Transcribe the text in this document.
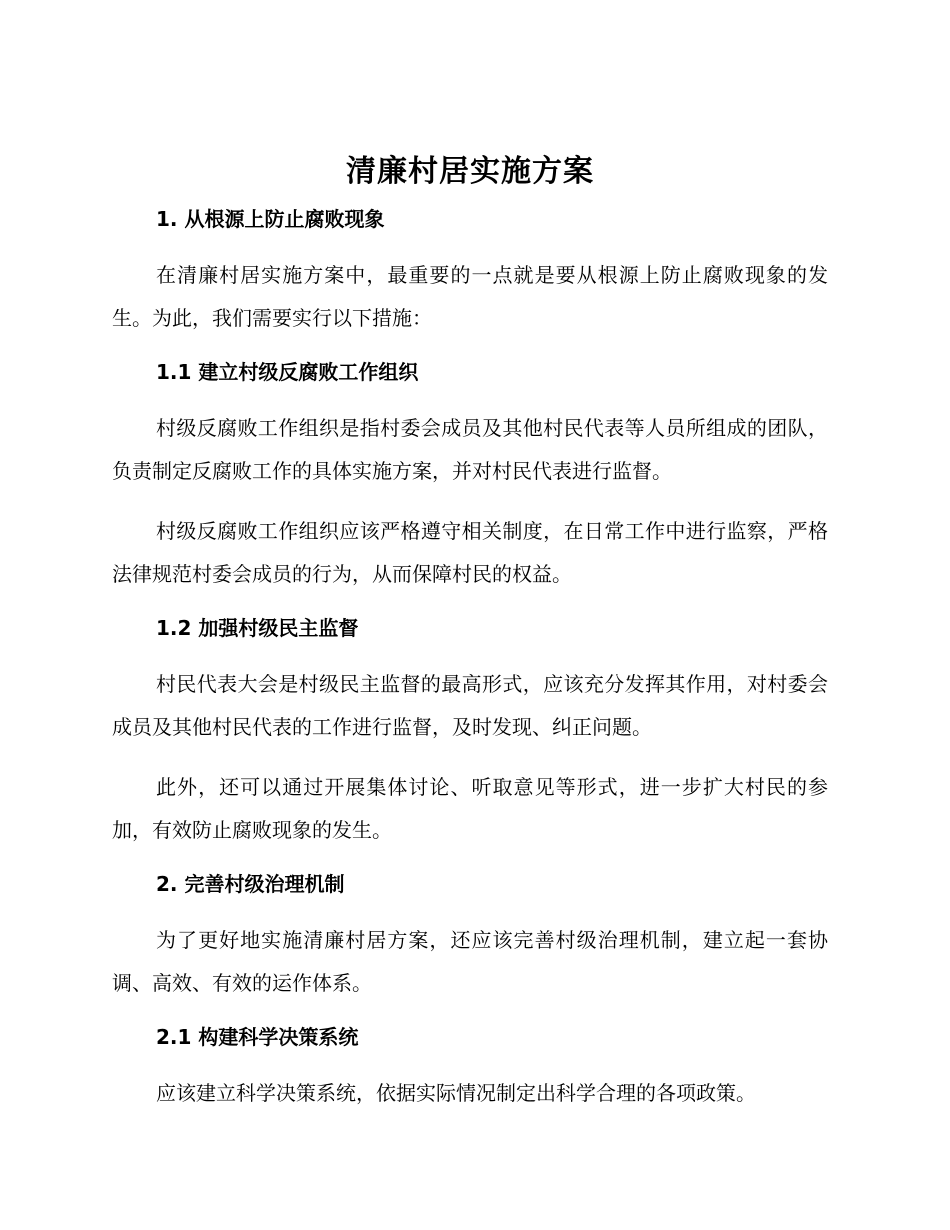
清廉村居实施方案
1. 从根源上防止腐败现象

在清廉村居实施方案中，最重要的一点就是要从根源上防止腐败现象的发生。为此，我们需要实行以下措施：

1.1 建立村级反腐败工作组织

村级反腐败工作组织是指村委会成员及其他村民代表等人员所组成的团队，负责制定反腐败工作的具体实施方案，并对村民代表进行监督。

村级反腐败工作组织应该严格遵守相关制度，在日常工作中进行监察，严格法律规范村委会成员的行为，从而保障村民的权益。

1.2 加强村级民主监督

村民代表大会是村级民主监督的最高形式，应该充分发挥其作用，对村委会成员及其他村民代表的工作进行监督，及时发现、纠正问题。

此外，还可以通过开展集体讨论、听取意见等形式，进一步扩大村民的参加，有效防止腐败现象的发生。

2. 完善村级治理机制

为了更好地实施清廉村居方案，还应该完善村级治理机制，建立起一套协调、高效、有效的运作体系。

2.1 构建科学决策系统

应该建立科学决策系统，依据实际情况制定出科学合理的各项政策。
